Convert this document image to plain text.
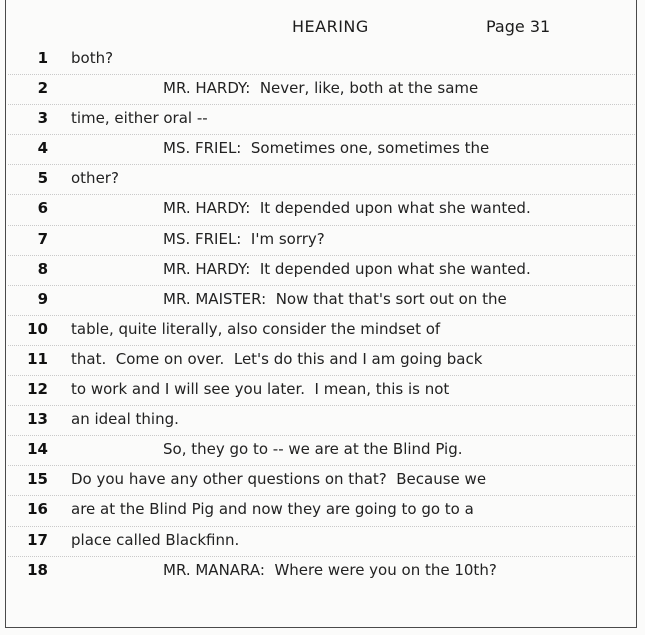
HEARING	Page 31
1 both?
2	MR. HARDY:  Never, like, both at the same
3 time, either oral --
4	MS. FRIEL:  Sometimes one, sometimes the
5 other?
6	MR. HARDY:  It depended upon what she wanted.
7	MS. FRIEL:  I'm sorry?
8	MR. HARDY:  It depended upon what she wanted.
9	MR. MAISTER:  Now that that's sort out on the
10 table, quite literally, also consider the mindset of
11 that.  Come on over.  Let's do this and I am going back
12 to work and I will see you later.  I mean, this is not
13 an ideal thing.
14	So, they go to -- we are at the Blind Pig.
15 Do you have any other questions on that?  Because we
16 are at the Blind Pig and now they are going to go to a
17 place called Blackfinn.
18	MR. MANARA:  Where were you on the 10th?
